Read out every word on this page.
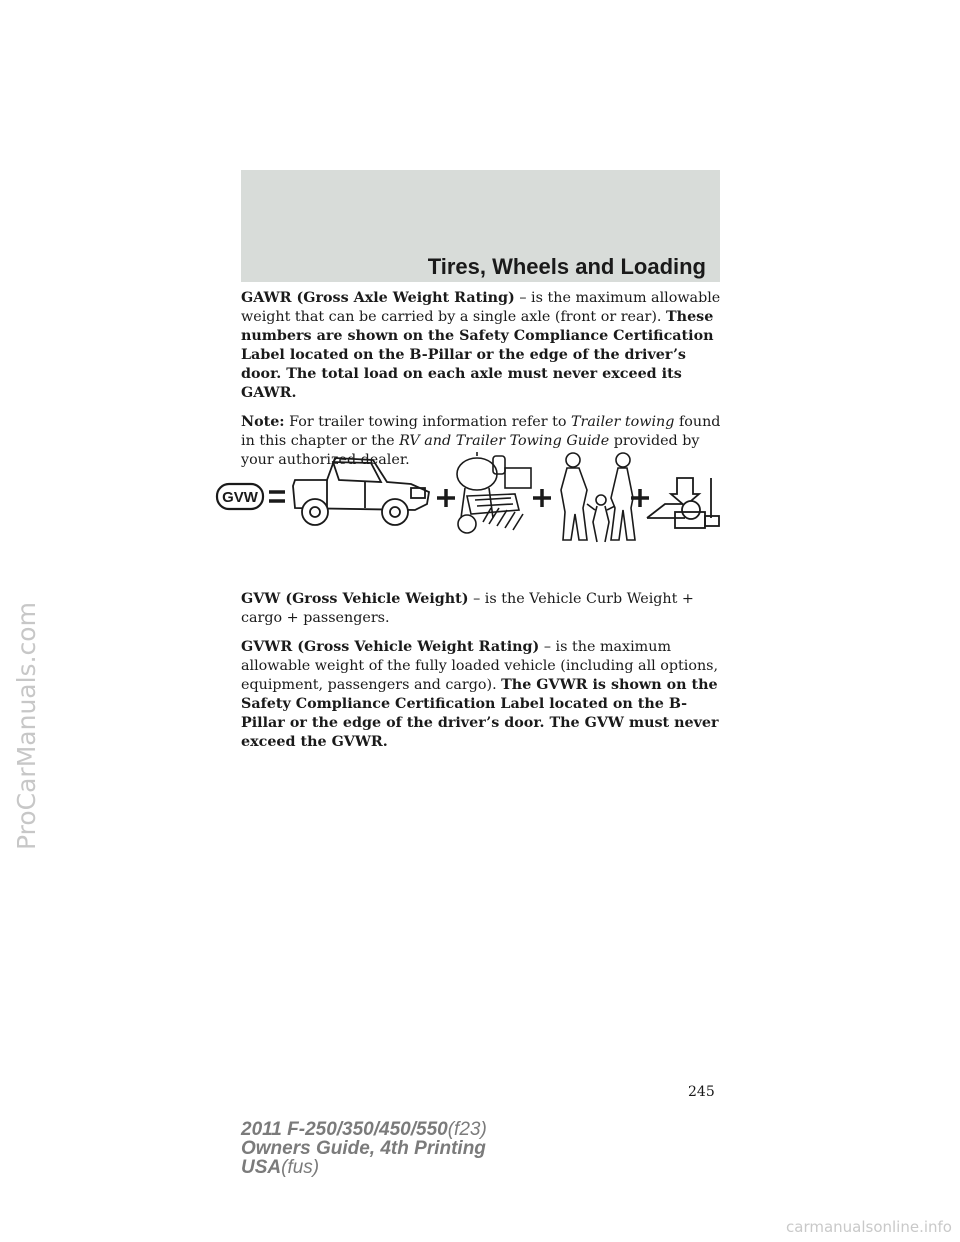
Tires, Wheels and Loading

GAWR (Gross Axle Weight Rating) – is the maximum allowable weight that can be carried by a single axle (front or rear). These numbers are shown on the Safety Compliance Certification Label located on the B-Pillar or the edge of the driver’s door. The total load on each axle must never exceed its GAWR.

Note: For trailer towing information refer to Trailer towing found in this chapter or the RV and Trailer Towing Guide provided by your authorized dealer.

GVW

GVW (Gross Vehicle Weight) – is the Vehicle Curb Weight + cargo + passengers.

GVWR (Gross Vehicle Weight Rating) – is the maximum allowable weight of the fully loaded vehicle (including all options, equipment, passengers and cargo). The GVWR is shown on the Safety Compliance Certification Label located on the B-Pillar or the edge of the driver’s door. The GVW must never exceed the GVWR.

245
2011 F-250/350/450/550(f23)
Owners Guide, 4th Printing
USA(fus)
ProCarManuals.com
carmanualsonline.info
